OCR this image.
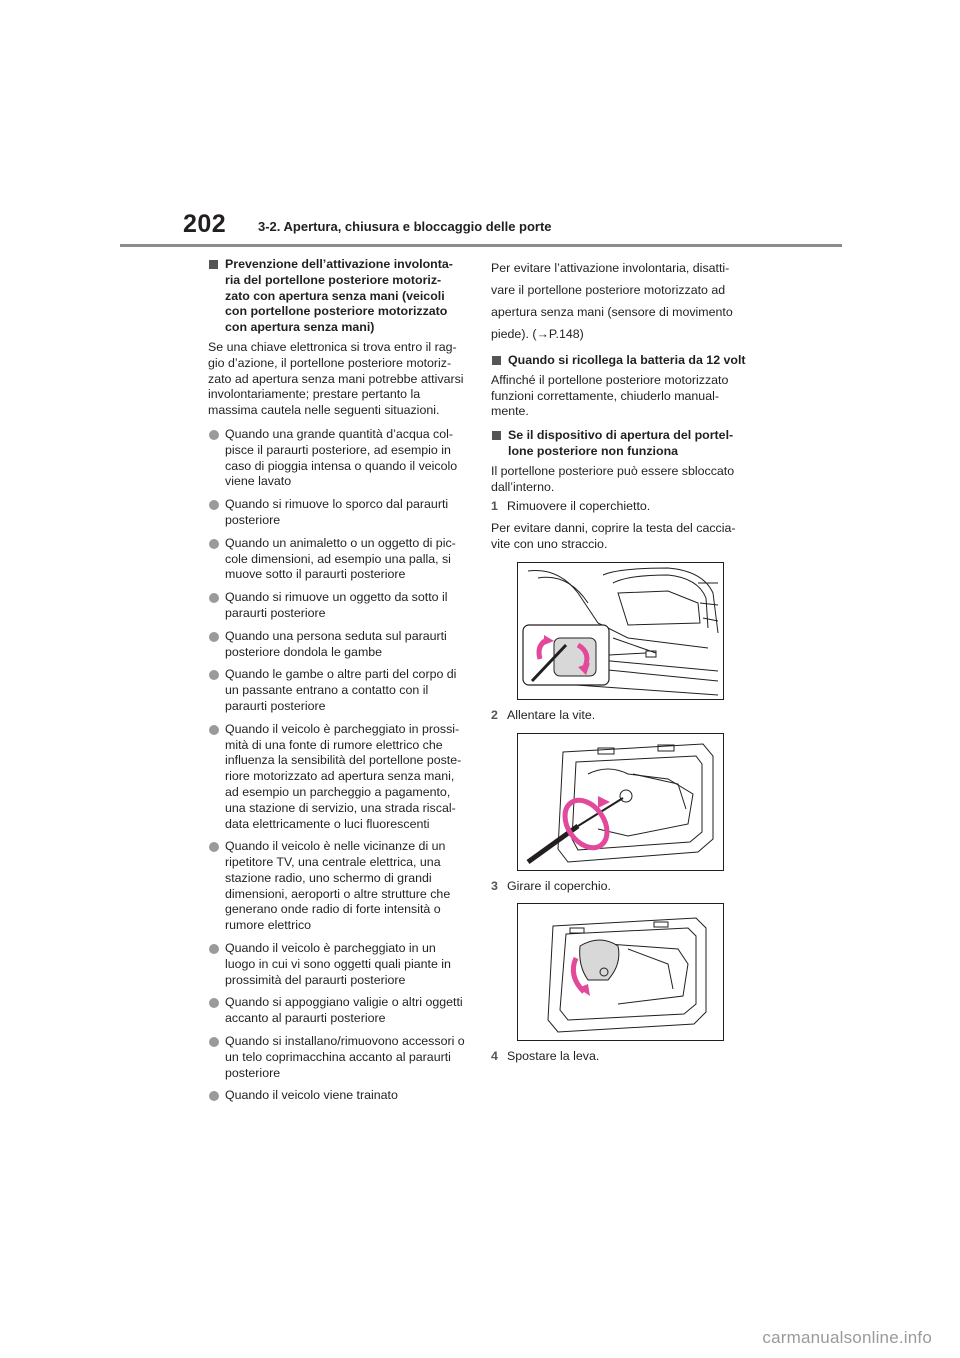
202 3-2. Apertura, chiusura e bloccaggio delle porte
Prevenzione dell’attivazione involonta- ria del portellone posteriore motoriz- zato con apertura senza mani (veicoli con portellone posteriore motorizzato con apertura senza mani)

Se una chiave elettronica si trova entro il rag- gio d’azione, il portellone posteriore motoriz- zato ad apertura senza mani potrebbe attivarsi involontariamente; prestare pertanto la massima cautela nelle seguenti situazioni.

Quando una grande quantità d’acqua col- pisce il paraurti posteriore, ad esempio in caso di pioggia intensa o quando il veicolo viene lavato
Quando si rimuove lo sporco dal paraurti posteriore
Quando un animaletto o un oggetto di pic- cole dimensioni, ad esempio una palla, si muove sotto il paraurti posteriore
Quando si rimuove un oggetto da sotto il paraurti posteriore
Quando una persona seduta sul paraurti posteriore dondola le gambe
Quando le gambe o altre parti del corpo di un passante entrano a contatto con il paraurti posteriore
Quando il veicolo è parcheggiato in prossi- mità di una fonte di rumore elettrico che influenza la sensibilità del portellone poste- riore motorizzato ad apertura senza mani, ad esempio un parcheggio a pagamento, una stazione di servizio, una strada riscal- data elettricamente o luci fluorescenti
Quando il veicolo è nelle vicinanze di un ripetitore TV, una centrale elettrica, una stazione radio, uno schermo di grandi dimensioni, aeroporti o altre strutture che generano onde radio di forte intensità o rumore elettrico
Quando il veicolo è parcheggiato in un luogo in cui vi sono oggetti quali piante in prossimità del paraurti posteriore
Quando si appoggiano valigie o altri oggetti accanto al paraurti posteriore
Quando si installano/rimuovono accessori o un telo coprimacchina accanto al paraurti posteriore
Quando il veicolo viene trainato

Per evitare l’attivazione involontaria, disatti- vare il portellone posteriore motorizzato ad apertura senza mani (sensore di movimento piede). (→P.148)

Quando si ricollega la batteria da 12 volt

Affinché il portellone posteriore motorizzato funzioni correttamente, chiuderlo manual- mente.

Se il dispositivo di apertura del portel- lone posteriore non funziona

Il portellone posteriore può essere sbloccato dall’interno.

1 Rimuovere il coperchietto.

Per evitare danni, coprire la testa del caccia- vite con uno straccio.

2 Allentare la vite.
3 Girare il coperchio.
4 Spostare la leva.
carmanualsonline.info
